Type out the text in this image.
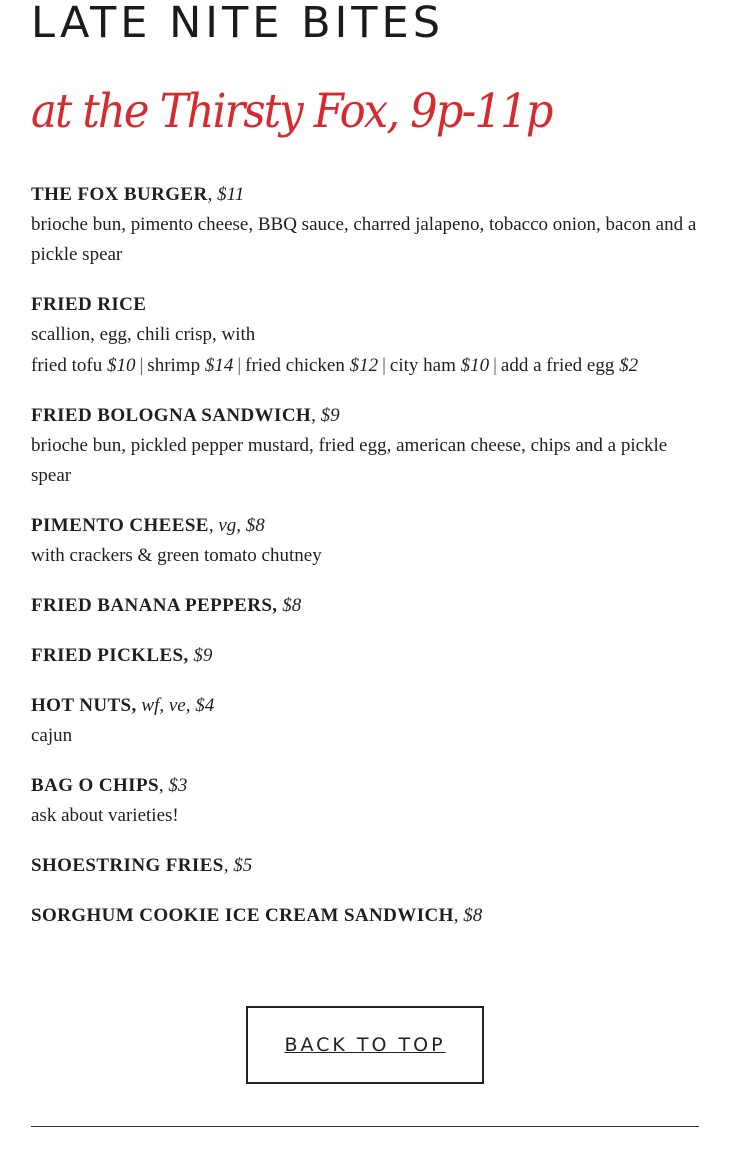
LATE NITE BITES
at the Thirsty Fox, 9p-11p
THE FOX BURGER, $11
brioche bun, pimento cheese, BBQ sauce, charred jalapeno, tobacco onion, bacon and a pickle spear
FRIED RICE
scallion, egg, chili crisp, with
fried tofu $10 | shrimp $14 | fried chicken $12 | city ham $10 | add a fried egg $2
FRIED BOLOGNA SANDWICH, $9
brioche bun, pickled pepper mustard, fried egg, american cheese, chips and a pickle spear
PIMENTO CHEESE, vg, $8
with crackers & green tomato chutney
FRIED BANANA PEPPERS, $8
FRIED PICKLES, $9
HOT NUTS, wf, ve, $4
cajun
BAG O CHIPS, $3
ask about varieties!
SHOESTRING FRIES, $5
SORGHUM COOKIE ICE CREAM SANDWICH, $8
BACK TO TOP
